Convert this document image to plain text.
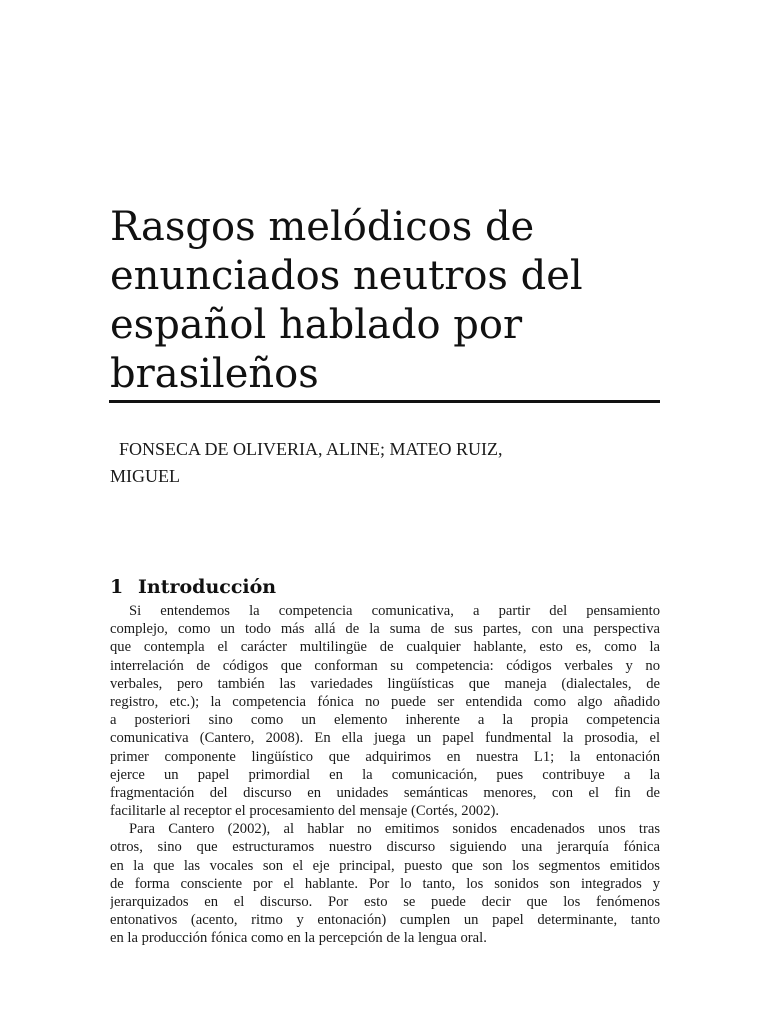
Rasgos melódicos de
enunciados neutros del
español hablado por
brasileños
FONSECA DE OLIVERIA, ALINE; MATEO RUIZ,
MIGUEL
1 Introducción
Si entendemos la competencia comunicativa, a partir del pensamiento
complejo, como un todo más allá de la suma de sus partes, con una perspectiva
que contempla el carácter multilingüe de cualquier hablante, esto es, como la
interrelación de códigos que conforman su competencia: códigos verbales y no
verbales, pero también las variedades lingüísticas que maneja (dialectales, de
registro, etc.); la competencia fónica no puede ser entendida como algo añadido
a posteriori sino como un elemento inherente a la propia competencia
comunicativa (Cantero, 2008). En ella juega un papel fundmental la prosodia, el
primer componente lingüístico que adquirimos en nuestra L1; la entonación
ejerce un papel primordial en la comunicación, pues contribuye a la
fragmentación del discurso en unidades semánticas menores, con el fin de
facilitarle al receptor el procesamiento del mensaje (Cortés, 2002).
Para Cantero (2002), al hablar no emitimos sonidos encadenados unos tras
otros, sino que estructuramos nuestro discurso siguiendo una jerarquía fónica
en la que las vocales son el eje principal, puesto que son los segmentos emitidos
de forma consciente por el hablante. Por lo tanto, los sonidos son integrados y
jerarquizados en el discurso. Por esto se puede decir que los fenómenos
entonativos (acento, ritmo y entonación) cumplen un papel determinante, tanto
en la producción fónica como en la percepción de la lengua oral.
